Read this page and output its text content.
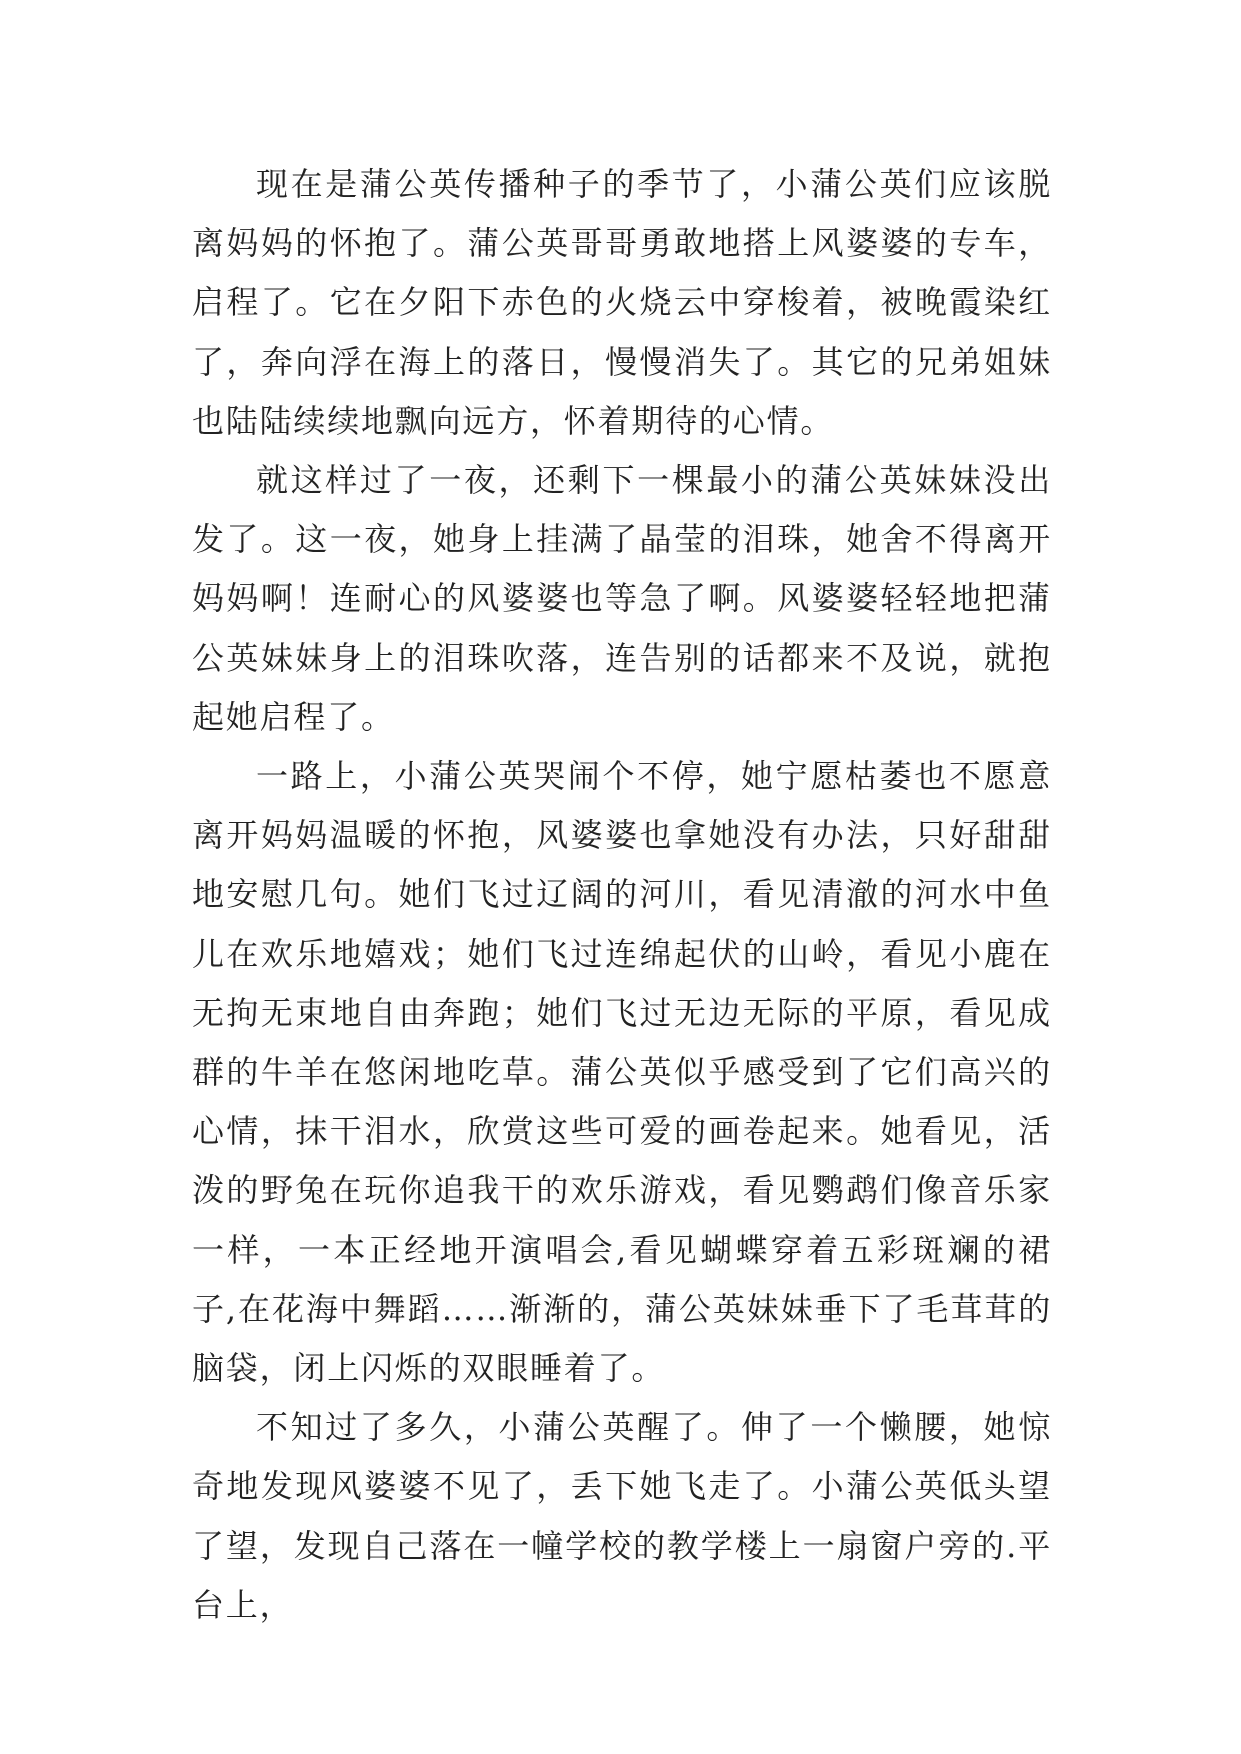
现在是蒲公英传播种子的季节了，小蒲公英们应该脱离妈妈的怀抱了。蒲公英哥哥勇敢地搭上风婆婆的专车，启程了。它在夕阳下赤色的火烧云中穿梭着，被晚霞染红了，奔向浮在海上的落日，慢慢消失了。其它的兄弟姐妹也陆陆续续地飘向远方，怀着期待的心情。

就这样过了一夜，还剩下一棵最小的蒲公英妹妹没出发了。这一夜，她身上挂满了晶莹的泪珠，她舍不得离开妈妈啊！连耐心的风婆婆也等急了啊。风婆婆轻轻地把蒲公英妹妹身上的泪珠吹落，连告别的话都来不及说，就抱起她启程了。

一路上，小蒲公英哭闹个不停，她宁愿枯萎也不愿意离开妈妈温暖的怀抱，风婆婆也拿她没有办法，只好甜甜地安慰几句。她们飞过辽阔的河川，看见清澈的河水中鱼儿在欢乐地嬉戏；她们飞过连绵起伏的山岭，看见小鹿在无拘无束地自由奔跑；她们飞过无边无际的平原，看见成群的牛羊在悠闲地吃草。蒲公英似乎感受到了它们高兴的心情，抹干泪水，欣赏这些可爱的画卷起来。她看见，活泼的野兔在玩你追我干的欢乐游戏，看见鹦鹉们像音乐家一样，一本正经地开演唱会,看见蝴蝶穿着五彩斑斓的裙子,在花海中舞蹈……渐渐的，蒲公英妹妹垂下了毛茸茸的脑袋，闭上闪烁的双眼睡着了。

不知过了多久，小蒲公英醒了。伸了一个懒腰，她惊奇地发现风婆婆不见了，丢下她飞走了。小蒲公英低头望了望，发现自己落在一幢学校的教学楼上一扇窗户旁的.平台上，
